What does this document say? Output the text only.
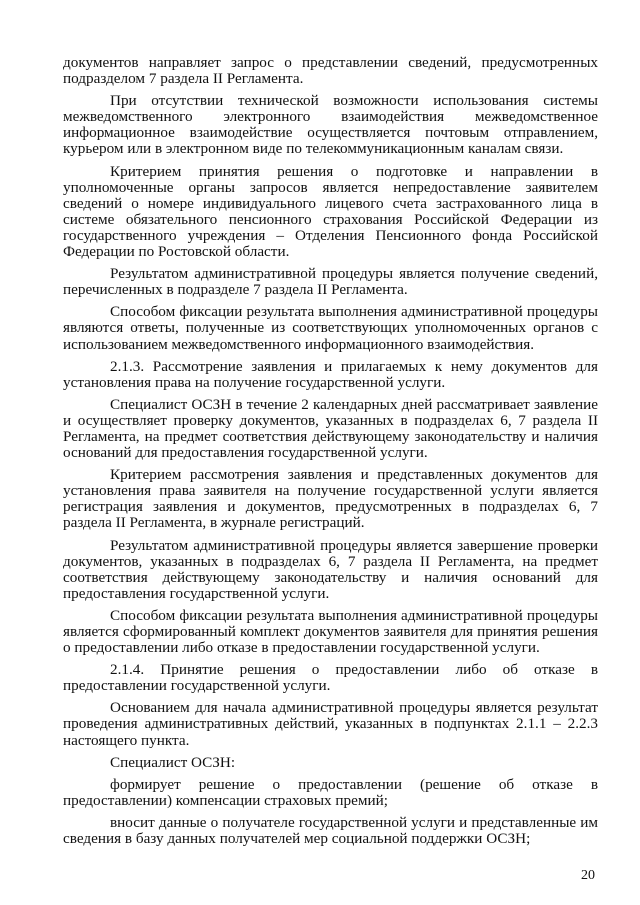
документов направляет запрос о представлении сведений, предусмотренных подразделом 7 раздела II Регламента.

При отсутствии технической возможности использования системы межведомственного электронного взаимодействия межведомственное информационное взаимодействие осуществляется почтовым отправлением, курьером или в электронном виде по телекоммуникационным каналам связи.

Критерием принятия решения о подготовке и направлении в уполномоченные органы запросов является непредоставление заявителем сведений о номере индивидуального лицевого счета застрахованного лица в системе обязательного пенсионного страхования Российской Федерации из государственного учреждения – Отделения Пенсионного фонда Российской Федерации по Ростовской области.

Результатом административной процедуры является получение сведений, перечисленных в подразделе 7 раздела II Регламента.

Способом фиксации результата выполнения административной процедуры являются ответы, полученные из соответствующих уполномоченных органов с использованием межведомственного информационного взаимодействия.

2.1.3. Рассмотрение заявления и прилагаемых к нему документов для установления права на получение государственной услуги.

Специалист ОСЗН в течение 2 календарных дней рассматривает заявление и осуществляет проверку документов, указанных в подразделах 6, 7 раздела II Регламента, на предмет соответствия действующему законодательству и наличия оснований для предоставления государственной услуги.

Критерием рассмотрения заявления и представленных документов для установления права заявителя на получение государственной услуги является регистрация заявления и документов, предусмотренных в подразделах 6, 7 раздела II Регламента, в журнале регистраций.

Результатом административной процедуры является завершение проверки документов, указанных в подразделах 6, 7 раздела II Регламента, на предмет соответствия действующему законодательству и наличия оснований для предоставления государственной услуги.

Способом фиксации результата выполнения административной процедуры является сформированный комплект документов заявителя для принятия решения о предоставлении либо отказе в предоставлении государственной услуги.

2.1.4. Принятие решения о предоставлении либо об отказе в предоставлении государственной услуги.

Основанием для начала административной процедуры является результат проведения административных действий, указанных в подпунктах 2.1.1 – 2.2.3 настоящего пункта.

Специалист ОСЗН:

формирует решение о предоставлении (решение об отказе в предоставлении) компенсации страховых премий;

вносит данные о получателе государственной услуги и представленные им сведения в базу данных получателей мер социальной поддержки ОСЗН;

20
